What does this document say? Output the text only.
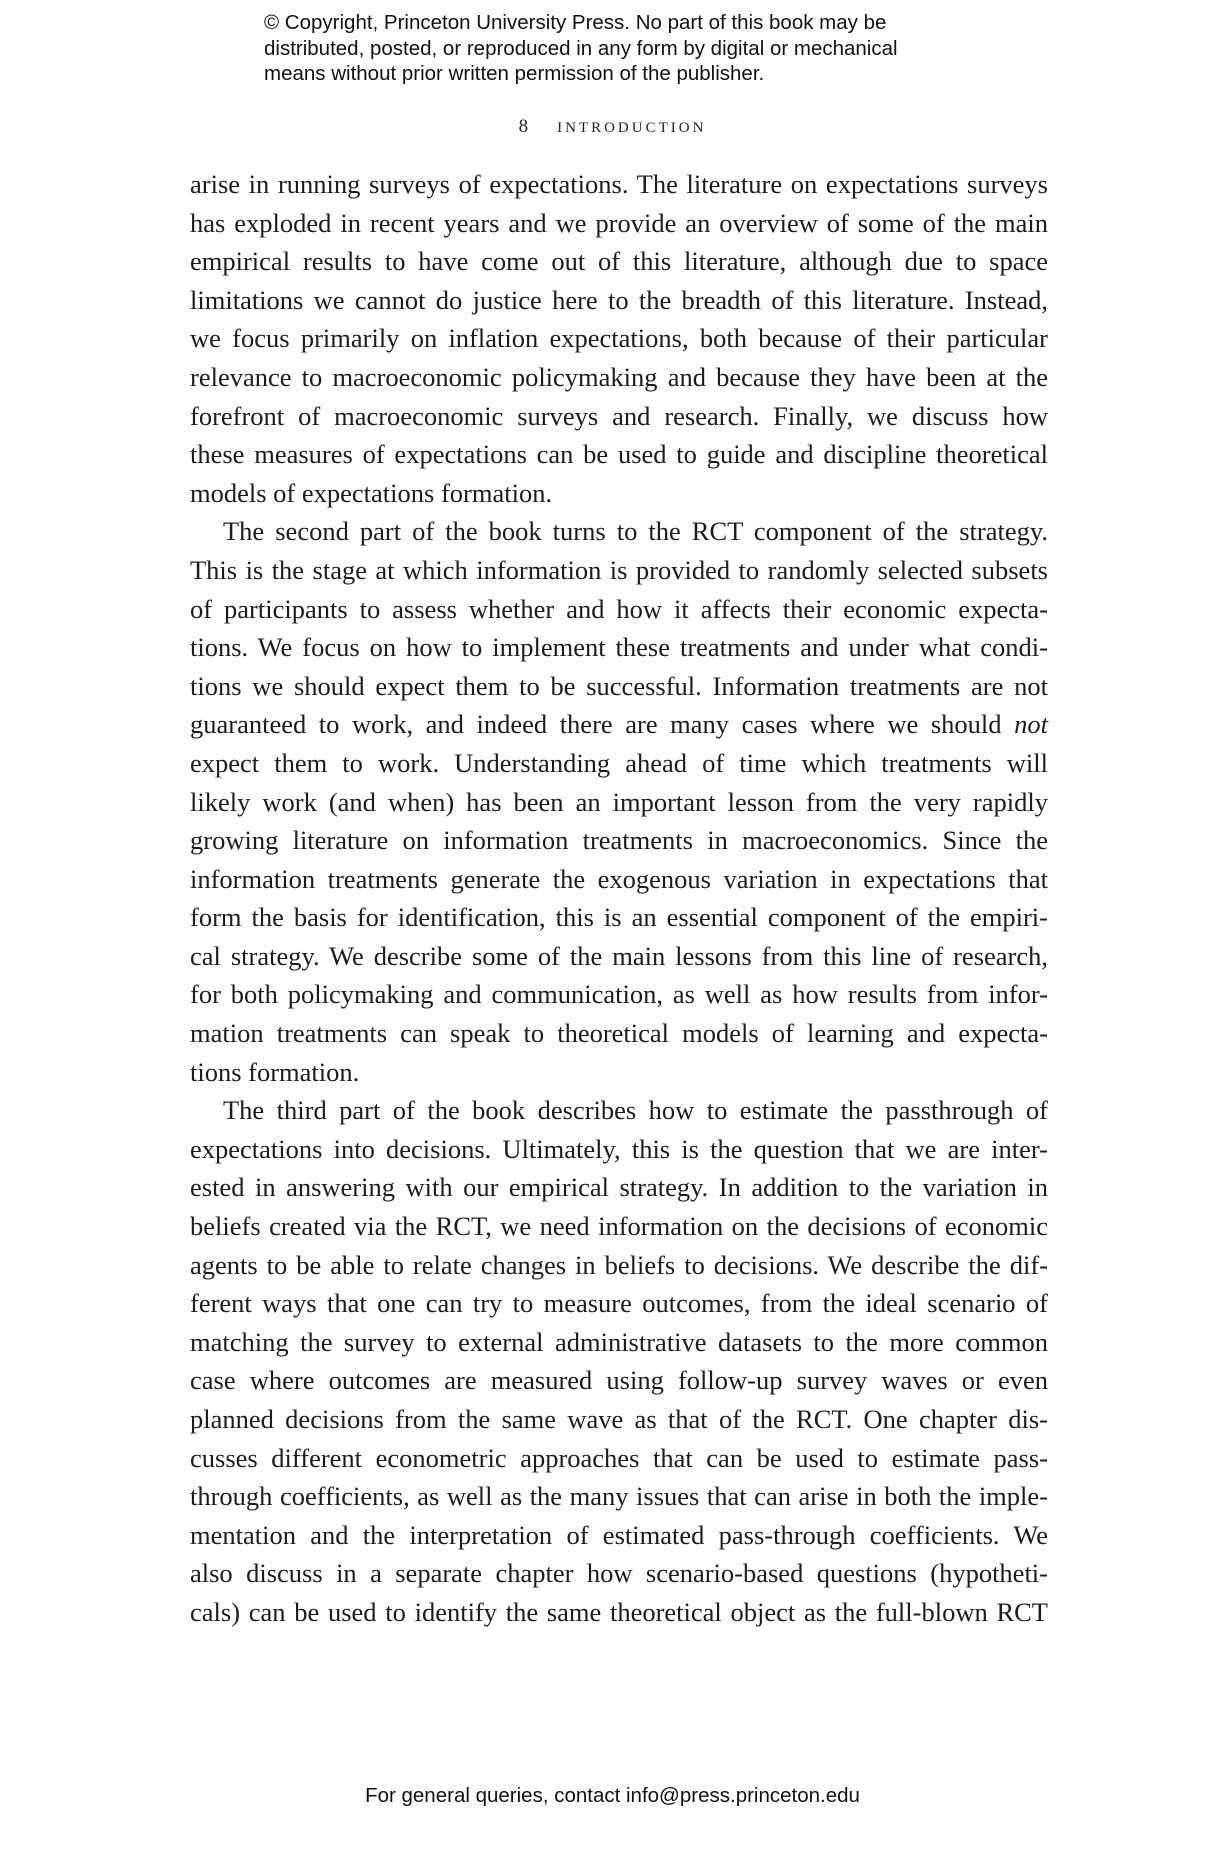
© Copyright, Princeton University Press. No part of this book may be
distributed, posted, or reproduced in any form by digital or mechanical
means without prior written permission of the publisher.
8 introduction
arise in running surveys of expectations. The literature on expectations surveys
has exploded in recent years and we provide an overview of some of the main
empirical results to have come out of this literature, although due to space
limitations we cannot do justice here to the breadth of this literature. Instead,
we focus primarily on inflation expectations, both because of their particular
relevance to macroeconomic policymaking and because they have been at the
forefront of macroeconomic surveys and research. Finally, we discuss how
these measures of expectations can be used to guide and discipline theoretical
models of expectations formation.
The second part of the book turns to the RCT component of the strategy.
This is the stage at which information is provided to randomly selected subsets
of participants to assess whether and how it affects their economic expecta-
tions. We focus on how to implement these treatments and under what condi-
tions we should expect them to be successful. Information treatments are not
guaranteed to work, and indeed there are many cases where we should not
expect them to work. Understanding ahead of time which treatments will
likely work (and when) has been an important lesson from the very rapidly
growing literature on information treatments in macroeconomics. Since the
information treatments generate the exogenous variation in expectations that
form the basis for identification, this is an essential component of the empiri-
cal strategy. We describe some of the main lessons from this line of research,
for both policymaking and communication, as well as how results from infor-
mation treatments can speak to theoretical models of learning and expecta-
tions formation.
The third part of the book describes how to estimate the passthrough of
expectations into decisions. Ultimately, this is the question that we are inter-
ested in answering with our empirical strategy. In addition to the variation in
beliefs created via the RCT, we need information on the decisions of economic
agents to be able to relate changes in beliefs to decisions. We describe the dif-
ferent ways that one can try to measure outcomes, from the ideal scenario of
matching the survey to external administrative datasets to the more common
case where outcomes are measured using follow-up survey waves or even
planned decisions from the same wave as that of the RCT. One chapter dis-
cusses different econometric approaches that can be used to estimate pass-
through coefficients, as well as the many issues that can arise in both the imple-
mentation and the interpretation of estimated pass-through coefficients. We
also discuss in a separate chapter how scenario-based questions (hypotheti-
cals) can be used to identify the same theoretical object as the full-blown RCT
For general queries, contact info@press.princeton.edu
